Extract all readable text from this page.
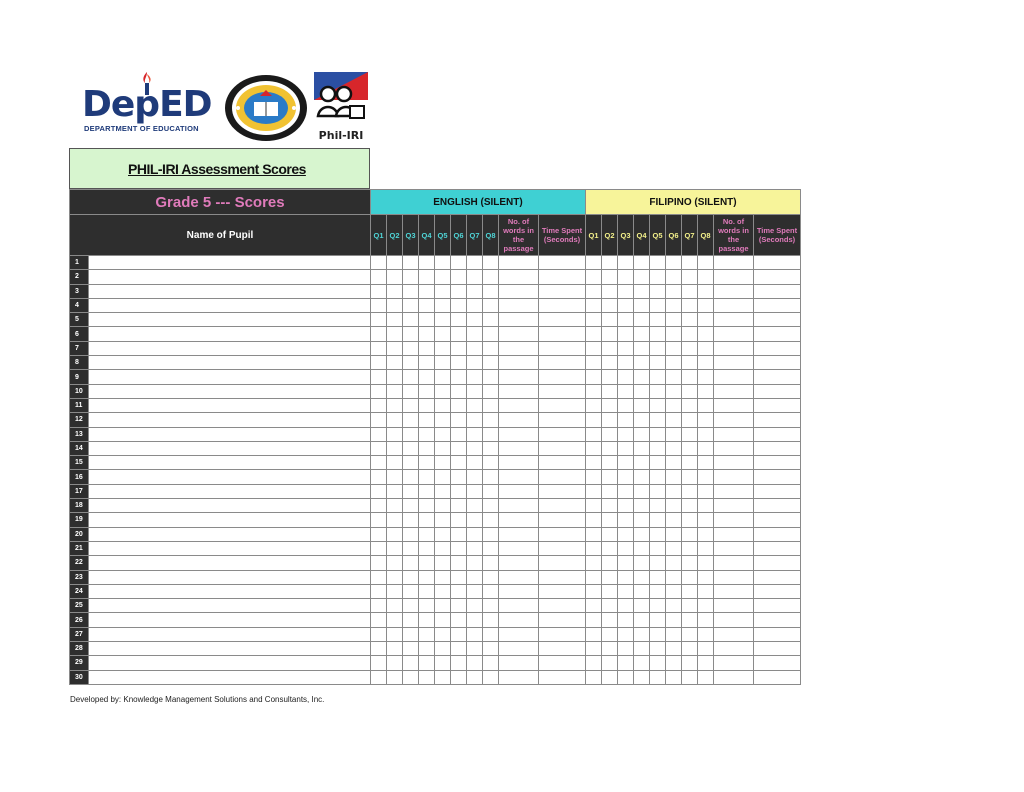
DepED
DEPARTMENT OF EDUCATION
Phil-IRI
PHIL-IRI Assessment Scores
Grade 5 --- Scores		ENGLISH (SILENT)										FILIPINO (SILENT)									
Name of Pupil		Q1	Q2	Q3	Q4	Q5	Q6	Q7	Q8	No. of words in the passage	Time Spent (Seconds)	Q1	Q2	Q3	Q4	Q5	Q6	Q7	Q8	No. of words in the passage	Time Spent (Seconds)
1																					
2																					
3																					
4																					
5																					
6																					
7																					
8																					
9																					
10																					
11																					
12																					
13																					
14																					
15																					
16																					
17																					
18																					
19																					
20																					
21																					
22																					
23																					
24																					
25																					
26																					
27																					
28																					
29																					
30																					
Developed by: Knowledge Management Solutions and Consultants, Inc.
